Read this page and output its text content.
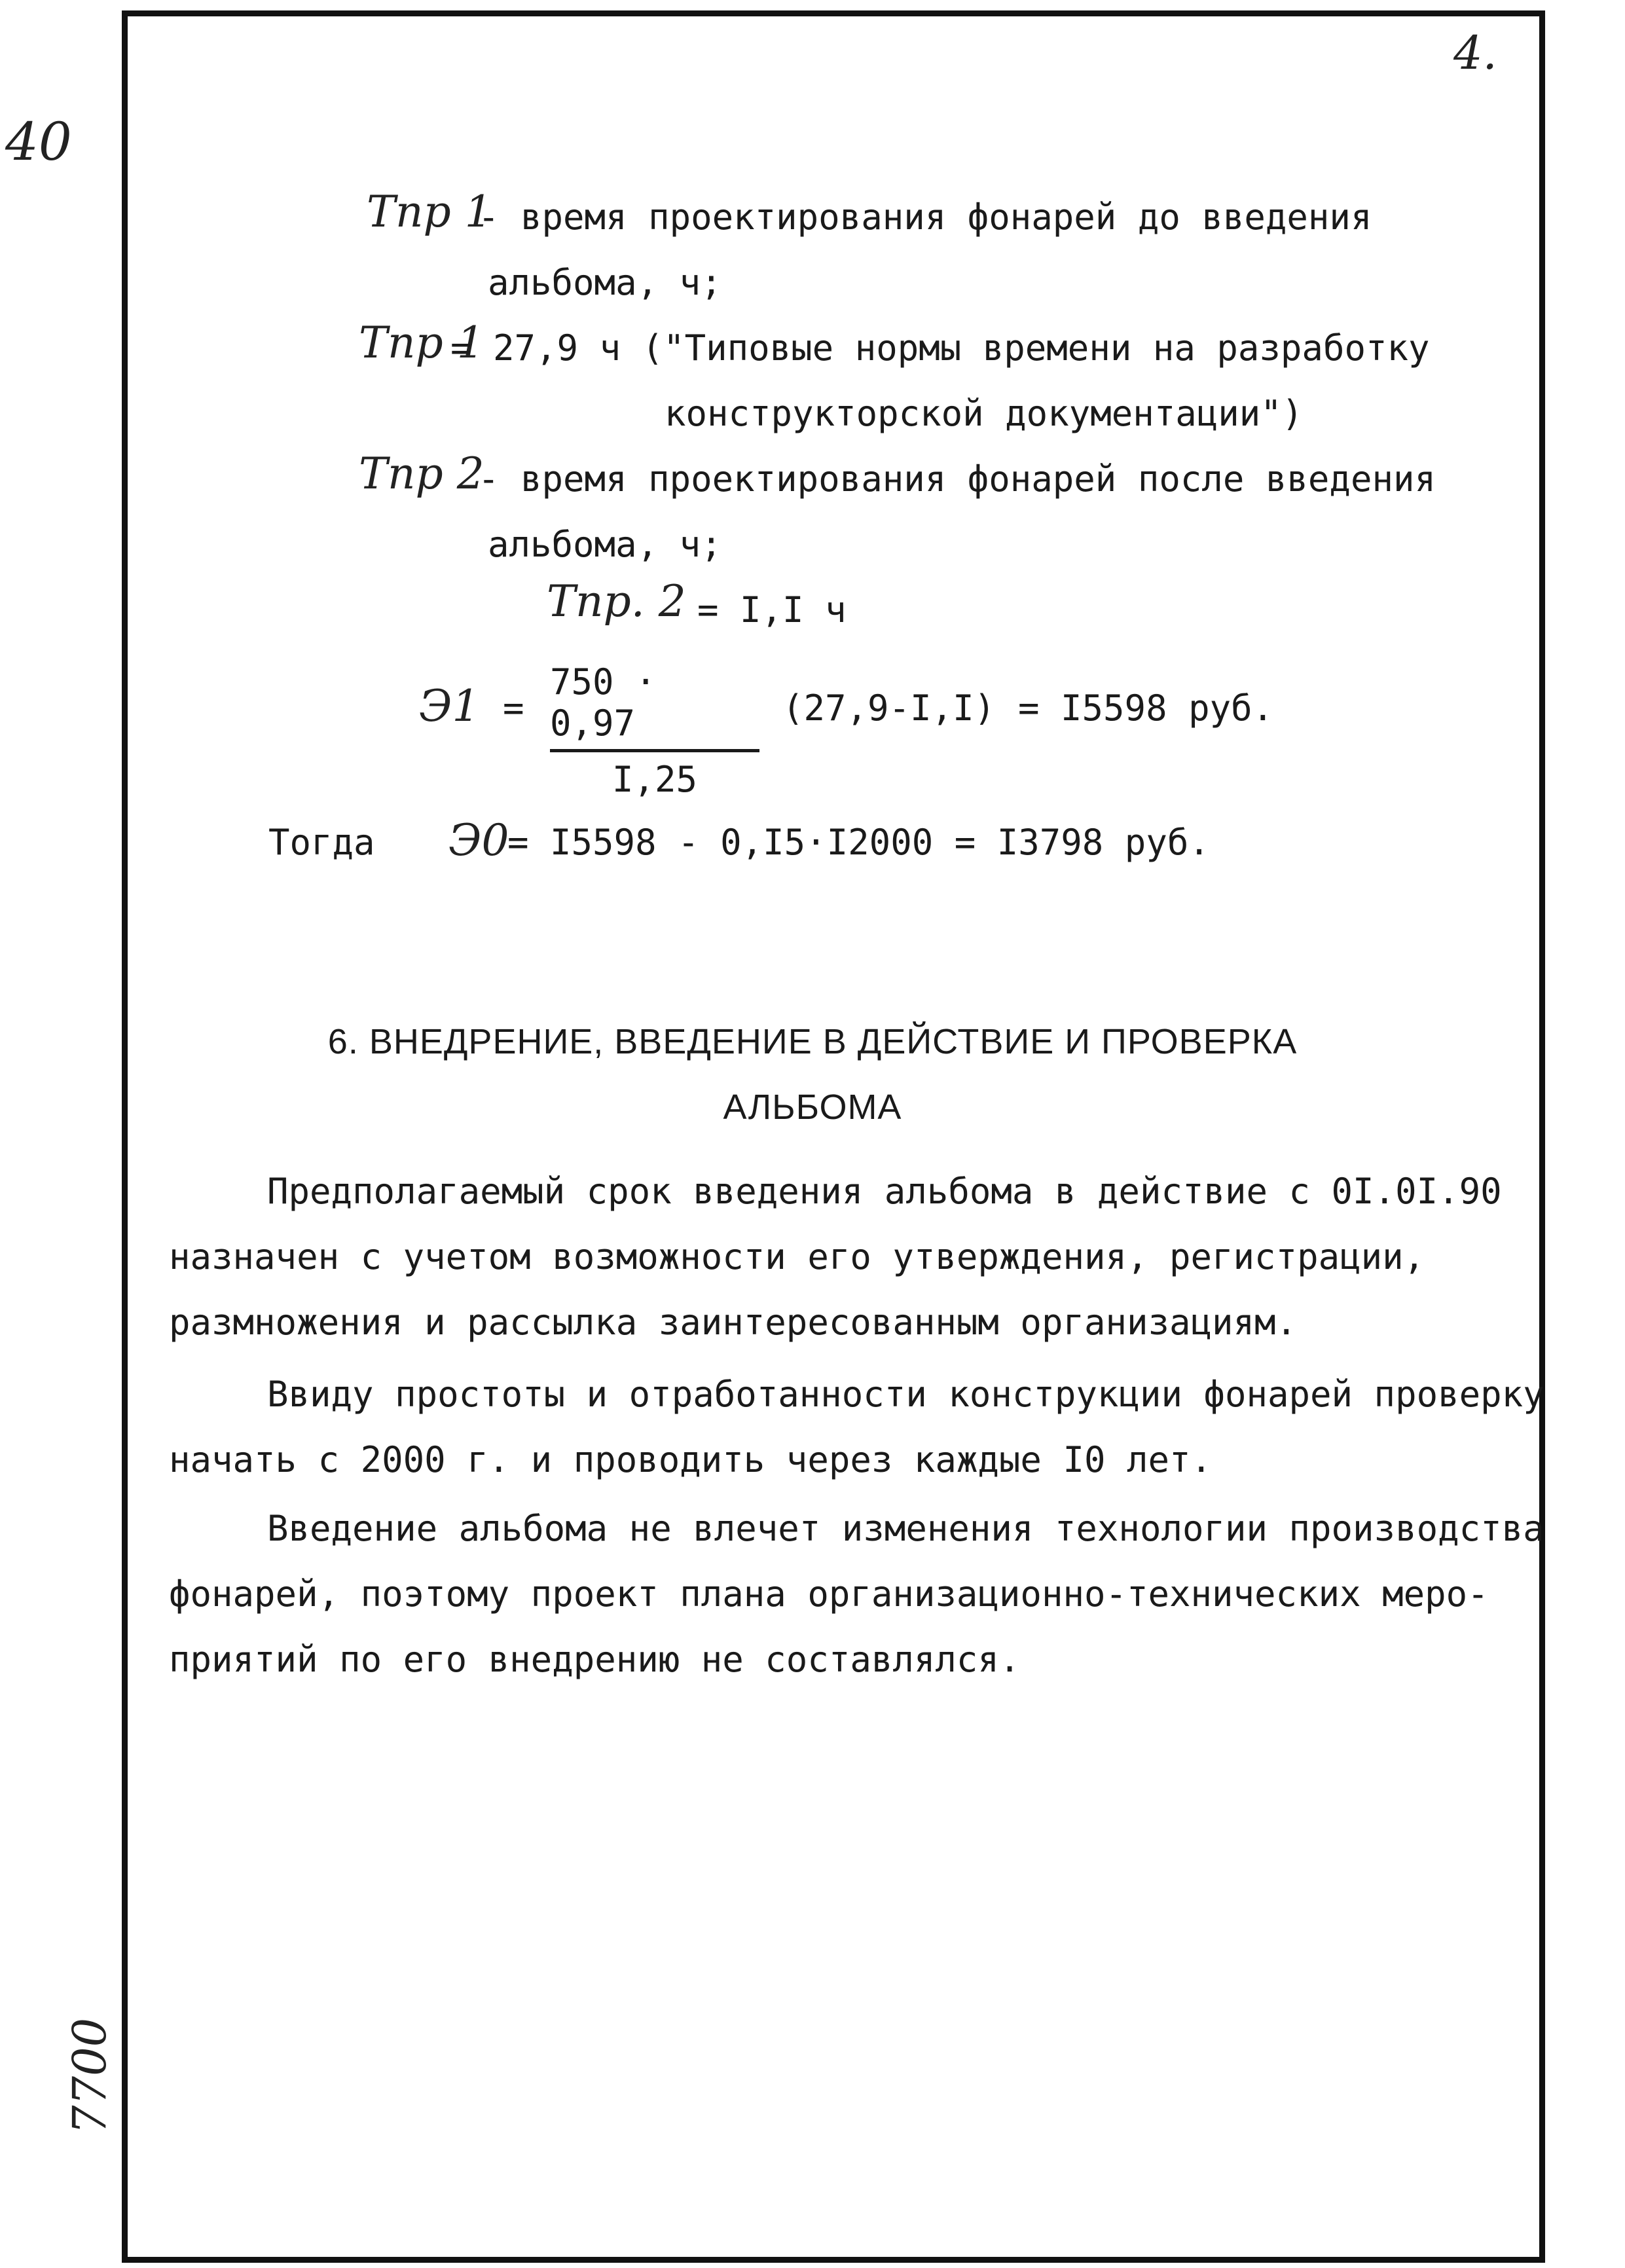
4.
40
7700
Tпр 1
- время проектирования фонарей до введения
альбома, ч;
Tпр 1
= 27,9 ч ("Типовые нормы времени на разработку
конструкторской документации")
Tпр 2
- время проектирования фонарей после введения
альбома, ч;
Tпр. 2 = I,I ч
Э1 =
750 · 0,97
I,25
(27,9-I,I) = I5598 руб.
Тогда Э0
= I5598 - 0,I5·I2000 = I3798 руб.
6. ВНЕДРЕНИЕ, ВВЕДЕНИЕ В ДЕЙСТВИЕ И ПРОВЕРКА
АЛЬБОМА
Предполагаемый срок введения альбома в действие с 0I.0I.90
назначен с учетом возможности его утверждения, регистрации,
размножения и рассылка заинтересованным организациям.
Ввиду простоты и отработанности конструкции фонарей проверку
начать с 2000 г. и проводить через каждые I0 лет.
Введение альбома не влечет изменения технологии производства
фонарей, поэтому проект плана организационно-технических меро-
приятий по его внедрению не составлялся.
